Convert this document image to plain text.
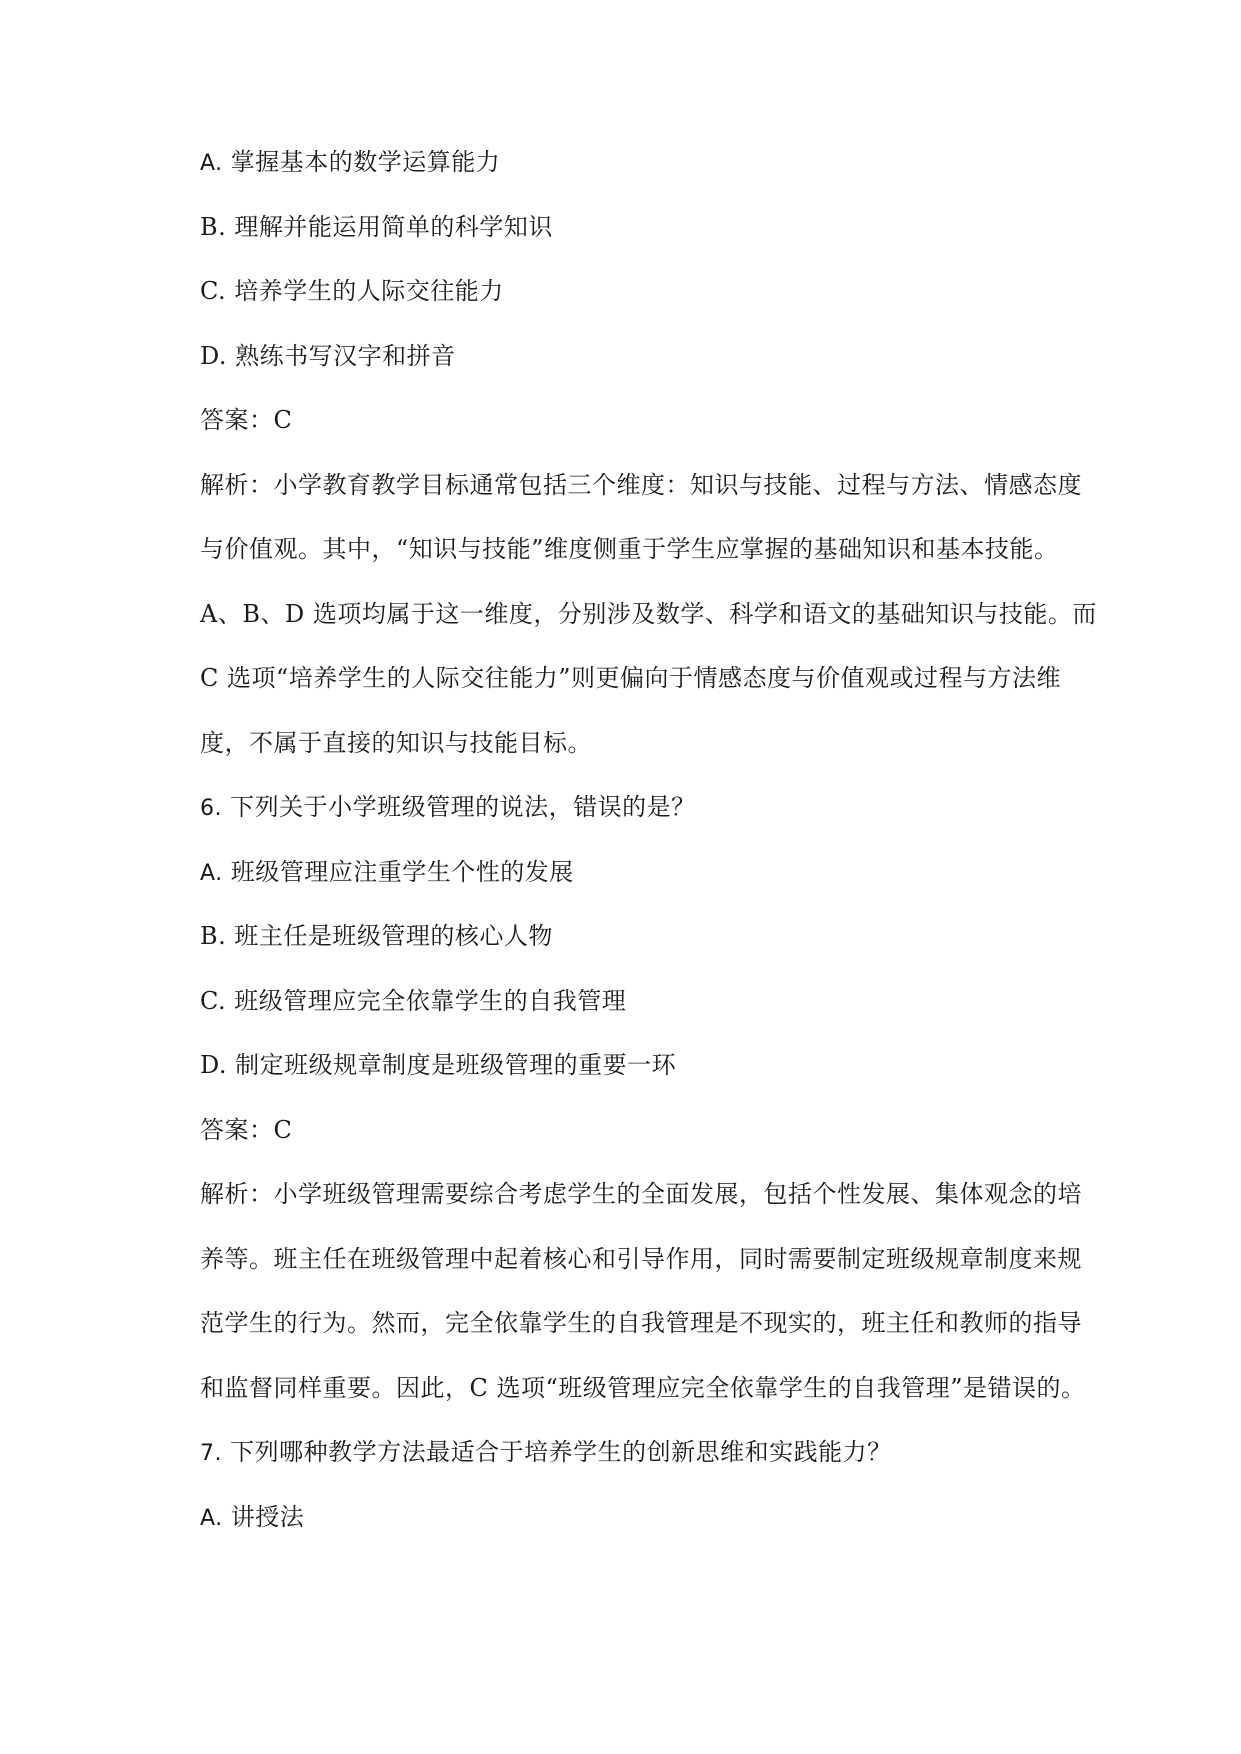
A. 掌握基本的数学运算能力
B. 理解并能运用简单的科学知识
C. 培养学生的人际交往能力
D. 熟练书写汉字和拼音
答案：C
解析：小学教育教学目标通常包括三个维度：知识与技能、过程与方法、情感态度
与价值观。其中，“知识与技能”维度侧重于学生应掌握的基础知识和基本技能。
A、B、D 选项均属于这一维度，分别涉及数学、科学和语文的基础知识与技能。而
C 选项“培养学生的人际交往能力”则更偏向于情感态度与价值观或过程与方法维
度，不属于直接的知识与技能目标。
6. 下列关于小学班级管理的说法，错误的是？
A. 班级管理应注重学生个性的发展
B. 班主任是班级管理的核心人物
C. 班级管理应完全依靠学生的自我管理
D. 制定班级规章制度是班级管理的重要一环
答案：C
解析：小学班级管理需要综合考虑学生的全面发展，包括个性发展、集体观念的培
养等。班主任在班级管理中起着核心和引导作用，同时需要制定班级规章制度来规
范学生的行为。然而，完全依靠学生的自我管理是不现实的，班主任和教师的指导
和监督同样重要。因此，C 选项“班级管理应完全依靠学生的自我管理”是错误的。
7. 下列哪种教学方法最适合于培养学生的创新思维和实践能力？
A. 讲授法
